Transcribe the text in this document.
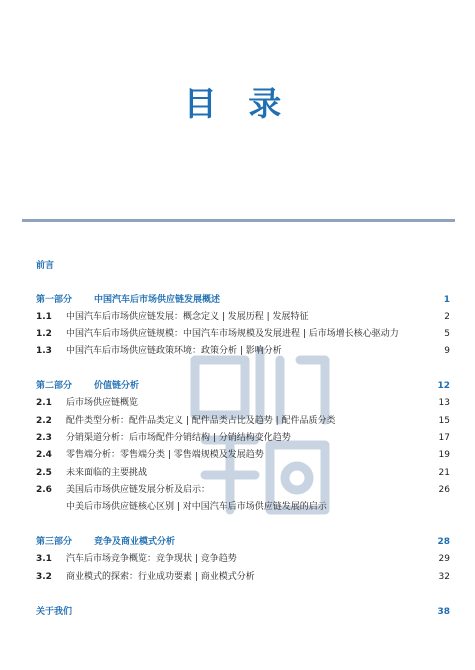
目 录
前言
第一部分	中国汽车后市场供应链发展概述	1
1.1	中国汽车后市场供应链发展：概念定义 | 发展历程 | 发展特征	2
1.2	中国汽车后市场供应链规模：中国汽车市场规模及发展进程 | 后市场增长核心驱动力	5
1.3	中国汽车后市场供应链政策环境：政策分析 | 影响分析	9
第二部分	价值链分析	12
2.1	后市场供应链概览	13
2.2	配件类型分析：配件品类定义 | 配件品类占比及趋势 | 配件品质分类	15
2.3	分销渠道分析：后市场配件分销结构 | 分销结构变化趋势	17
2.4	零售端分析：零售端分类 | 零售端规模及发展趋势	19
2.5	未来面临的主要挑战	21
2.6	美国后市场供应链发展分析及启示：	26
中美后市场供应链核心区别 | 对中国汽车后市场供应链发展的启示
第三部分	竞争及商业模式分析	28
3.1	汽车后市场竞争概览：竞争现状 | 竞争趋势	29
3.2	商业模式的探索：行业成功要素 | 商业模式分析	32
关于我们	38
